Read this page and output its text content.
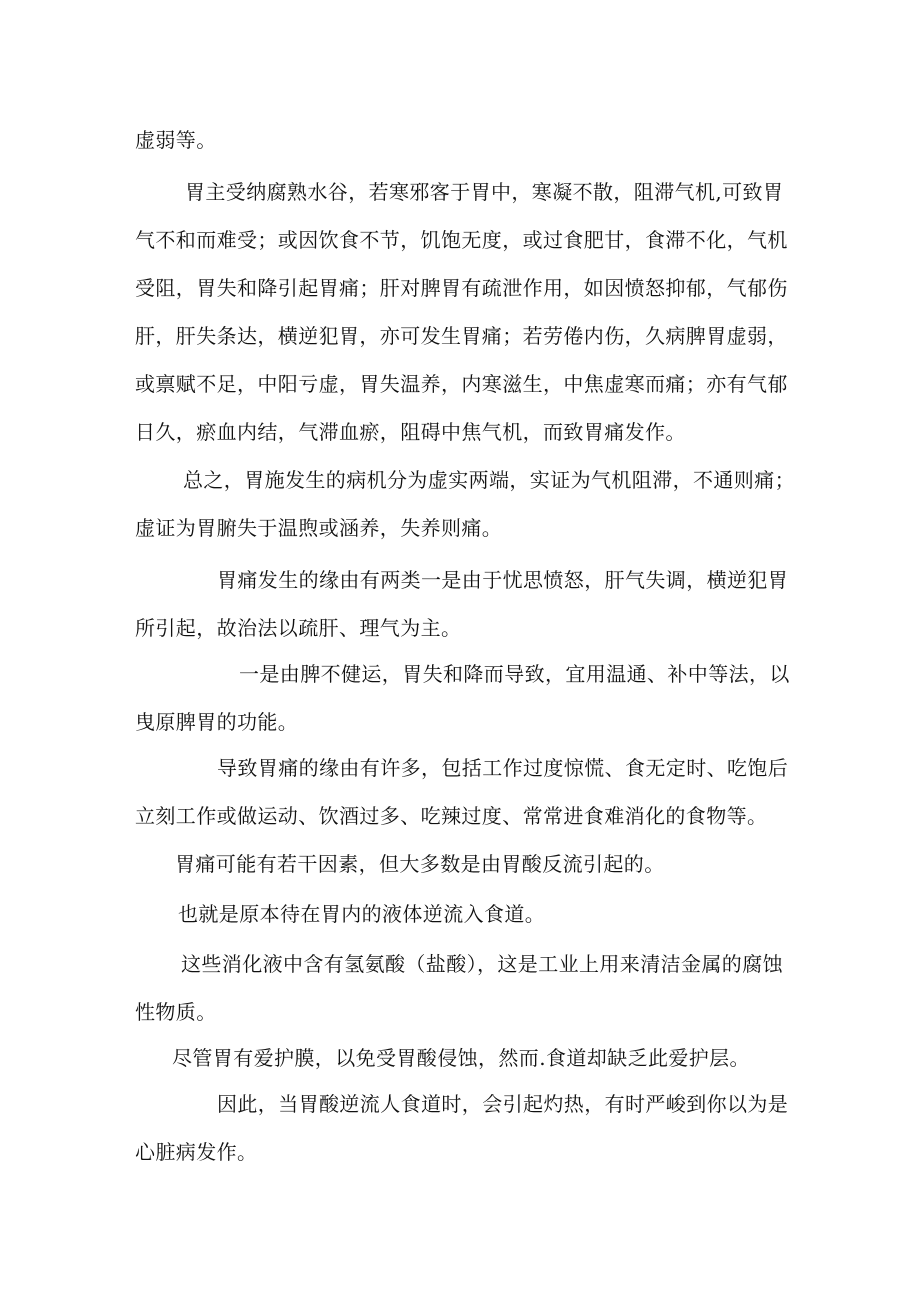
虚弱等。
胃主受纳腐熟水谷，若寒邪客于胃中，寒凝不散，阻滞气机,可致胃
气不和而难受；或因饮食不节，饥饱无度，或过食肥甘，食滞不化，气机
受阻，胃失和降引起胃痛；肝对脾胃有疏泄作用，如因愤怒抑郁，气郁伤
肝，肝失条达，横逆犯胃，亦可发生胃痛；若劳倦内伤，久病脾胃虚弱，
或禀赋不足，中阳亏虚，胃失温养，内寒滋生，中焦虚寒而痛；亦有气郁
日久，瘀血内结，气滞血瘀，阻碍中焦气机，而致胃痛发作。
总之，胃施发生的病机分为虚实两端，实证为气机阻滞，不通则痛；
虚证为胃腑失于温煦或涵养，失养则痛。
胃痛发生的缘由有两类一是由于忧思愤怒，肝气失调，横逆犯胃
所引起，故治法以疏肝、理气为主。
一是由脾不健运，胃失和降而导致，宜用温通、补中等法，以
曳原脾胃的功能。
导致胃痛的缘由有许多，包括工作过度惊慌、食无定时、吃饱后
立刻工作或做运动、饮酒过多、吃辣过度、常常进食难消化的食物等。
胃痛可能有若干因素，但大多数是由胃酸反流引起的。
也就是原本待在胃内的液体逆流入食道。
这些消化液中含有氢氨酸（盐酸），这是工业上用来清洁金属的腐蚀
性物质。
尽管胃有爱护膜，以免受胃酸侵蚀，然而.食道却缺乏此爱护层。
因此，当胃酸逆流人食道时，会引起灼热，有时严峻到你以为是
心脏病发作。
